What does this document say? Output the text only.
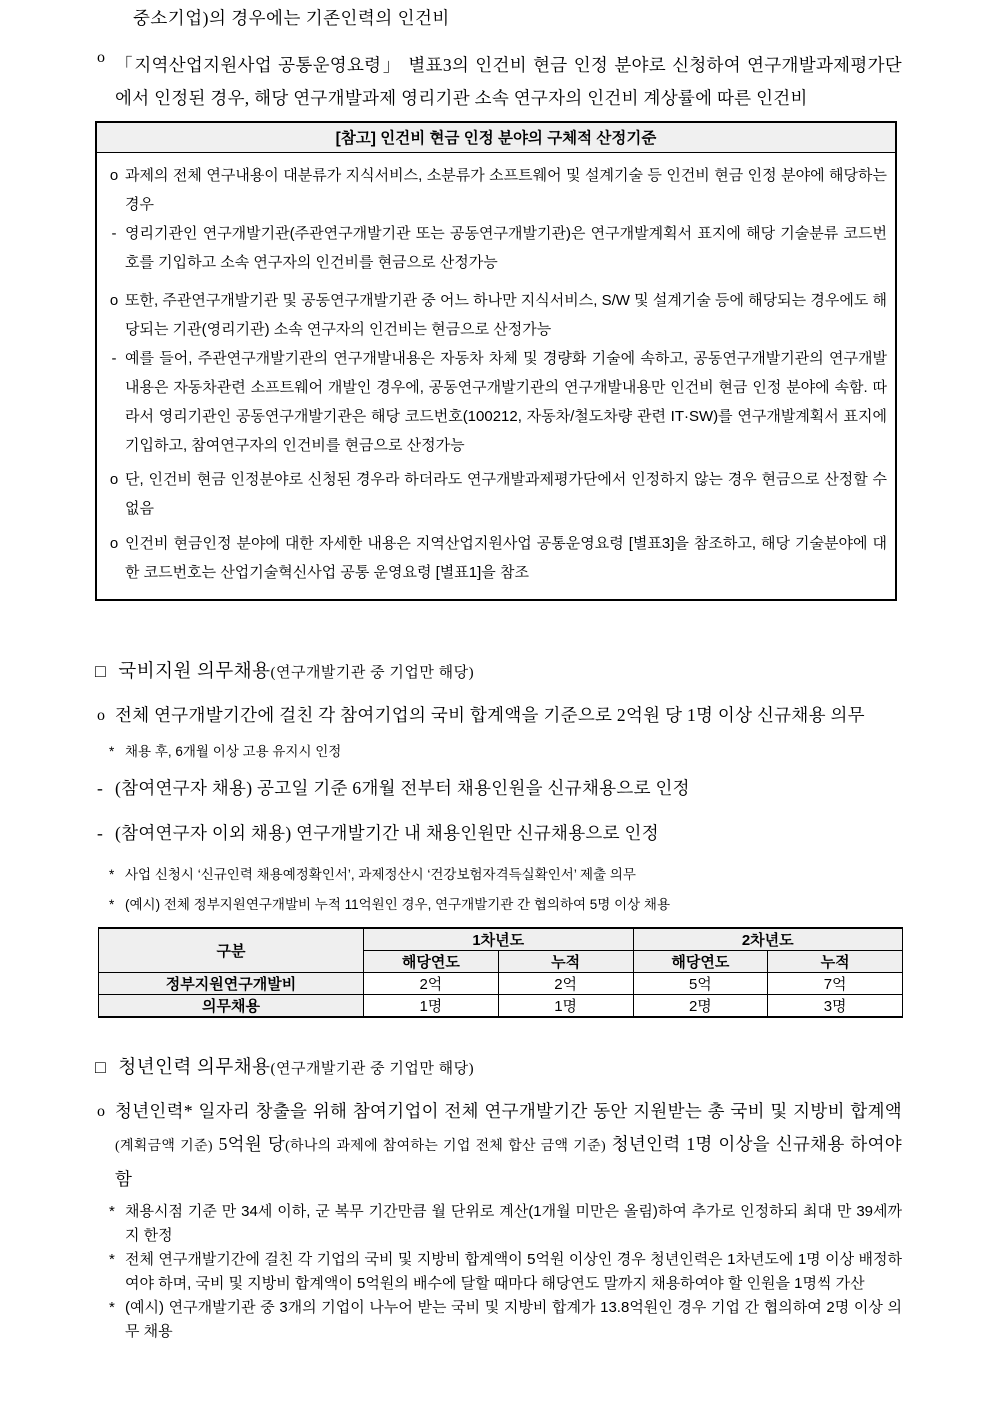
중소기업)의 경우에는 기존인력의 인건비

o 「지역산업지원사업 공통운영요령」 별표3의 인건비 현금 인정 분야로 신청하여 연구개발과제평가단에서 인정된 경우, 해당 연구개발과제 영리기관 소속 연구자의 인건비 계상률에 따른 인건비
[참고] 인건비 현금 인정 분야의 구체적 산정기준
o 과제의 전체 연구내용이 대분류가 지식서비스, 소분류가 소프트웨어 및 설계기술 등 인건비 현금 인정 분야에 해당하는 경우
- 영리기관인 연구개발기관(주관연구개발기관 또는 공동연구개발기관)은 연구개발계획서 표지에 해당 기술분류 코드번호를 기입하고 소속 연구자의 인건비를 현금으로 산정가능
o 또한, 주관연구개발기관 및 공동연구개발기관 중 어느 하나만 지식서비스, S/W 및 설계기술 등에 해당되는 경우에도 해당되는 기관(영리기관) 소속 연구자의 인건비는 현금으로 산정가능
- 예를 들어, 주관연구개발기관의 연구개발내용은 자동차 차체 및 경량화 기술에 속하고, 공동연구개발기관의 연구개발내용은 자동차관련 소프트웨어 개발인 경우에, 공동연구개발기관의 연구개발내용만 인건비 현금 인정 분야에 속함. 따라서 영리기관인 공동연구개발기관은 해당 코드번호(100212, 자동차/철도차량 관련 IT·SW)를 연구개발계획서 표지에 기입하고, 참여연구자의 인건비를 현금으로 산정가능
o 단, 인건비 현금 인정분야로 신청된 경우라 하더라도 연구개발과제평가단에서 인정하지 않는 경우 현금으로 산정할 수 없음
o 인건비 현금인정 분야에 대한 자세한 내용은 지역산업지원사업 공통운영요령 [별표3]을 참조하고, 해당 기술분야에 대한 코드번호는 산업기술혁신사업 공통 운영요령 [별표1]을 참조
□ 국비지원 의무채용(연구개발기관 중 기업만 해당)
o 전체 연구개발기간에 걸친 각 참여기업의 국비 합계액을 기준으로 2억원 당 1명 이상 신규채용 의무
* 채용 후, 6개월 이상 고용 유지시 인정
- (참여연구자 채용) 공고일 기준 6개월 전부터 채용인원을 신규채용으로 인정
- (참여연구자 이외 채용) 연구개발기간 내 채용인원만 신규채용으로 인정
* 사업 신청시 ‘신규인력 채용예정확인서’, 과제정산시 ‘건강보험자격득실확인서’ 제출 의무
* (예시) 전체 정부지원연구개발비 누적 11억원인 경우, 연구개발기관 간 협의하여 5명 이상 채용
구분	1차년도		2차년도	
	해당연도	누적	해당연도	누적
정부지원연구개발비	2억	2억	5억	7억
의무채용	1명	1명	2명	3명
□ 청년인력 의무채용(연구개발기관 중 기업만 해당)
o 청년인력* 일자리 창출을 위해 참여기업이 전체 연구개발기간 동안 지원받는 총 국비 및 지방비 합계액(계획금액 기준) 5억원 당(하나의 과제에 참여하는 기업 전체 합산 금액 기준) 청년인력 1명 이상을 신규채용 하여야 함
* 채용시점 기준 만 34세 이하, 군 복무 기간만큼 월 단위로 계산(1개월 미만은 올림)하여 추가로 인정하되 최대 만 39세까지 한정
* 전체 연구개발기간에 걸친 각 기업의 국비 및 지방비 합계액이 5억원 이상인 경우 청년인력은 1차년도에 1명 이상 배정하여야 하며, 국비 및 지방비 합계액이 5억원의 배수에 달할 때마다 해당연도 말까지 채용하여야 할 인원을 1명씩 가산
* (예시) 연구개발기관 중 3개의 기업이 나누어 받는 국비 및 지방비 합계가 13.8억원인 경우 기업 간 협의하여 2명 이상 의무 채용
